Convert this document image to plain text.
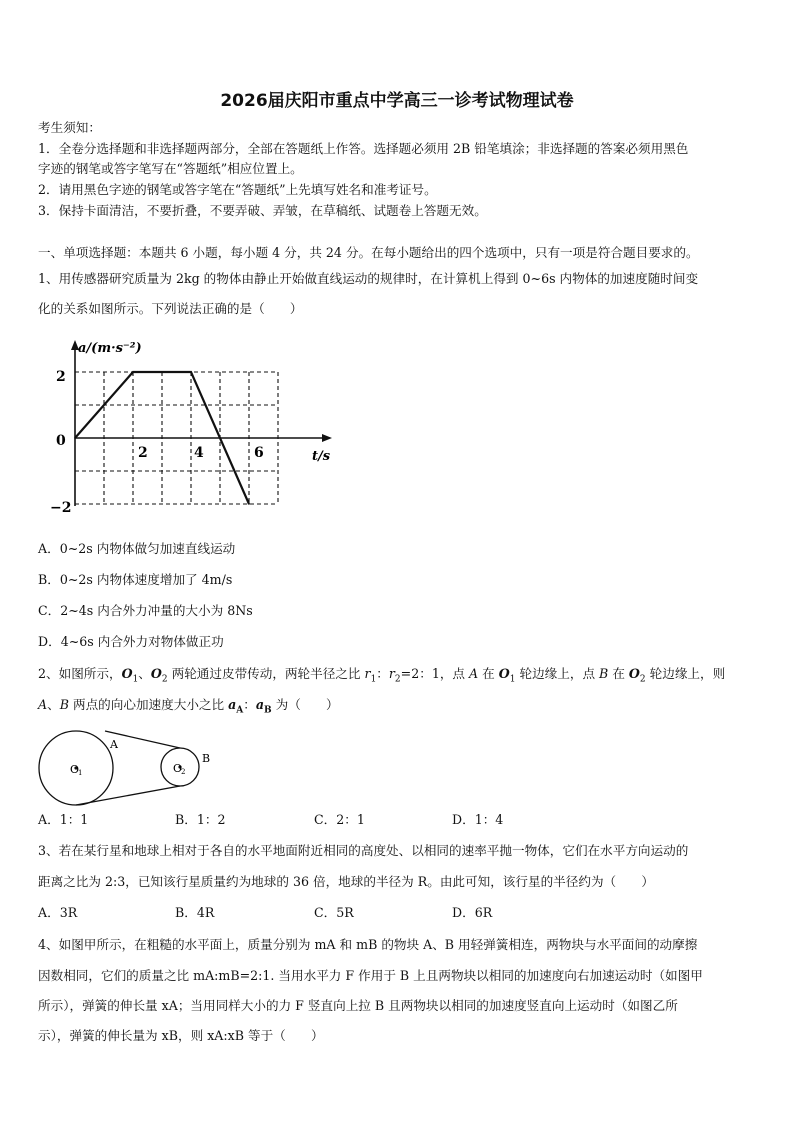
2026届庆阳市重点中学高三一诊考试物理试卷
考生须知：
1．全卷分选择题和非选择题两部分，全部在答题纸上作答。选择题必须用 2B 铅笔填涂；非选择题的答案必须用黑色
字迹的钢笔或答字笔写在“答题纸”相应位置上。
2．请用黑色字迹的钢笔或答字笔在“答题纸”上先填写姓名和准考证号。
3．保持卡面清洁，不要折叠，不要弄破、弄皱，在草稿纸、试题卷上答题无效。
一、单项选择题：本题共 6 小题，每小题 4 分，共 24 分。在每小题给出的四个选项中，只有一项是符合题目要求的。
1、用传感器研究质量为 2kg 的物体由静止开始做直线运动的规律时，在计算机上得到 0~6s 内物体的加速度随时间变
化的关系如图所示。下列说法正确的是（　　）
a/(m·s⁻²)
t/s
2
0
−2
2	4	6
A．0~2s 内物体做匀加速直线运动
B．0~2s 内物体速度增加了 4m/s
C．2~4s 内合外力冲量的大小为 8Ns
D．4~6s 内合外力对物体做正功
2、如图所示，$O_1$、$O_2$ 两轮通过皮带传动，两轮半径之比 $r_1$：$r_2=2$：1，点 A 在 $O_1$ 轮边缘上，点 B 在 $O_2$ 轮边缘上，则
A、B 两点的向心加速度大小之比 $a_A$：$a_B$ 为（　　）
O
1	O
2
A
B
A．1：1	B．1：2	C．2：1	D．1：4
3、若在某行星和地球上相对于各自的水平地面附近相同的高度处、以相同的速率平抛一物体，它们在水平方向运动的
距离之比为 2:3，已知该行星质量约为地球的 36 倍，地球的半径为 R。由此可知，该行星的半径约为（　　）
A．3R	B．4R	C．5R	D．6R
4、如图甲所示，在粗糙的水平面上，质量分别为 mA 和 mB 的物块 A、B 用轻弹簧相连，两物块与水平面间的动摩擦
因数相同，它们的质量之比 mA:mB=2:1. 当用水平力 F 作用于 B 上且两物块以相同的加速度向右加速运动时（如图甲
所示），弹簧的伸长量 xA；当用同样大小的力 F 竖直向上拉 B 且两物块以相同的加速度竖直向上运动时（如图乙所
示），弹簧的伸长量为 xB，则 xA:xB 等于（　　）
